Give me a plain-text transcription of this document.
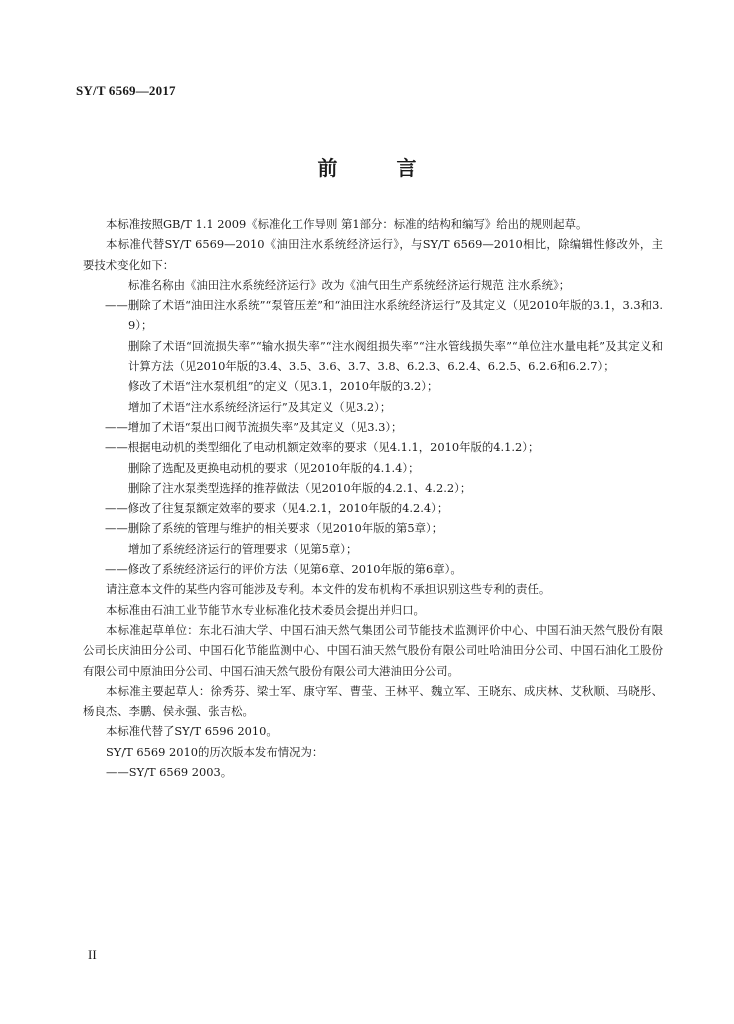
SY/T 6569—2017
前 言

本标准按照GB/T 1.1 2009《标准化工作导则 第1部分：标准的结构和编写》给出的规则起草。

本标准代替SY/T 6569—2010《油田注水系统经济运行》，与SY/T 6569—2010相比，除编辑性修改外，主要技术变化如下：

标准名称由《油田注水系统经济运行》改为《油气田生产系统经济运行规范 注水系统》；

——删除了术语“油田注水系统”“泵管压差”和“油田注水系统经济运行”及其定义（见2010年版的3.1，3.3和3.9）；

删除了术语“回流损失率”“输水损失率”“注水阀组损失率”“注水管线损失率”“单位注水量电耗”及其定义和计算方法（见2010年版的3.4、3.5、3.6、3.7、3.8、6.2.3、6.2.4、6.2.5、6.2.6和6.2.7）；

修改了术语“注水泵机组”的定义（见3.1，2010年版的3.2）；

增加了术语“注水系统经济运行”及其定义（见3.2）；

——增加了术语“泵出口阀节流损失率”及其定义（见3.3）；

——根据电动机的类型细化了电动机额定效率的要求（见4.1.1，2010年版的4.1.2）；

删除了选配及更换电动机的要求（见2010年版的4.1.4）；

删除了注水泵类型选择的推荐做法（见2010年版的4.2.1、4.2.2）；

——修改了往复泵额定效率的要求（见4.2.1，2010年版的4.2.4）；

——删除了系统的管理与维护的相关要求（见2010年版的第5章）；

增加了系统经济运行的管理要求（见第5章）；

——修改了系统经济运行的评价方法（见第6章、2010年版的第6章）。

请注意本文件的某些内容可能涉及专利。本文件的发布机构不承担识别这些专利的责任。

本标准由石油工业节能节水专业标准化技术委员会提出并归口。

本标准起草单位：东北石油大学、中国石油天然气集团公司节能技术监测评价中心、中国石油天然气股份有限公司长庆油田分公司、中国石化节能监测中心、中国石油天然气股份有限公司吐哈油田分公司、中国石油化工股份有限公司中原油田分公司、中国石油天然气股份有限公司大港油田分公司。

本标准主要起草人：徐秀芬、梁士军、康守军、曹莹、王林平、魏立军、王晓东、成庆林、艾秋顺、马晓彤、杨良杰、李鹏、侯永强、张吉松。

本标准代替了SY/T 6596 2010。

SY/T 6569 2010的历次版本发布情况为：

——SY/T 6569 2003。

II
